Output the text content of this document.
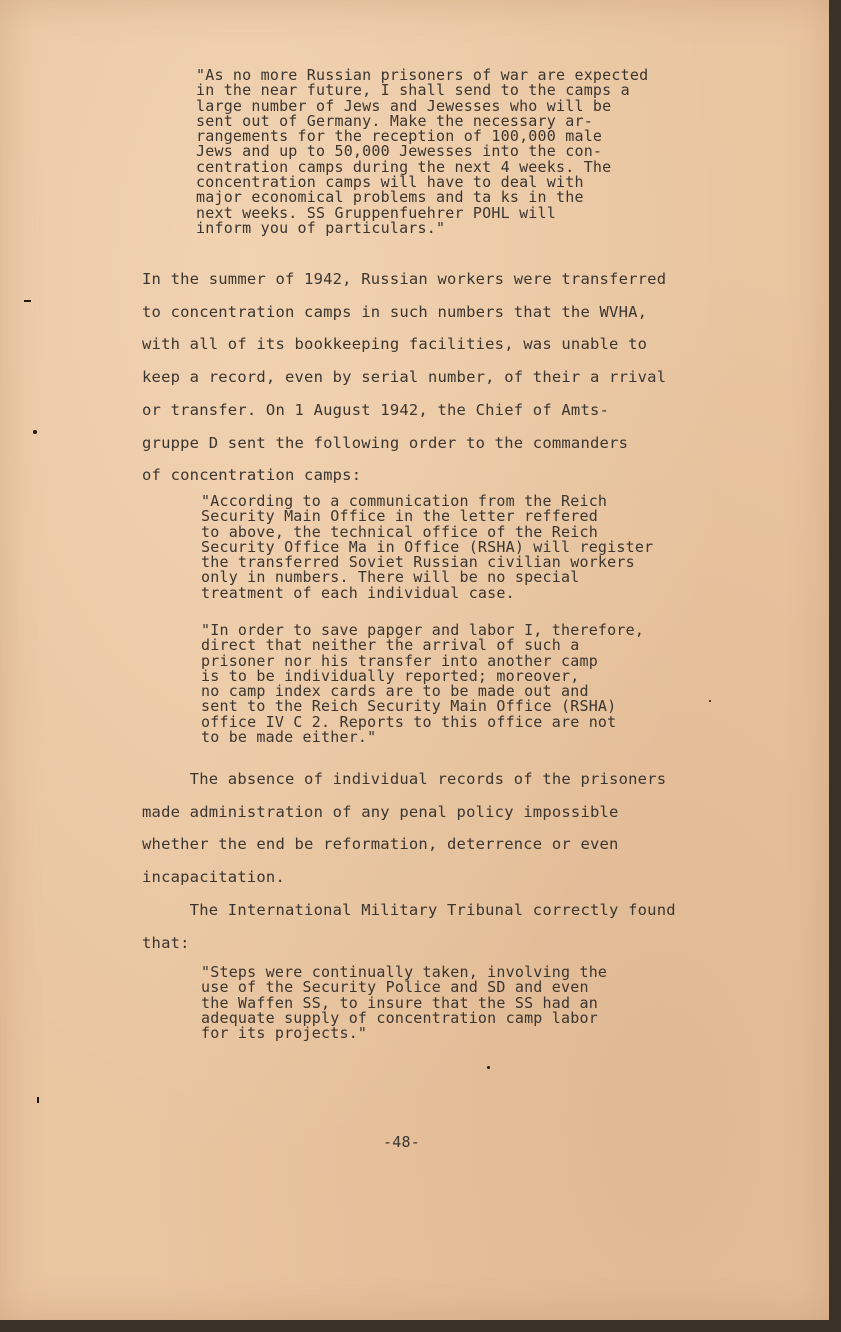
"As no more Russian prisoners of war are expected
in the near future, I shall send to the camps a
large number of Jews and Jewesses who will be
sent out of Germany. Make the necessary ar-
rangements for the reception of 100,000 male
Jews and up to 50,000 Jewesses into the con-
centration camps during the next 4 weeks. The
concentration camps will have to deal with
major economical problems and ta ks in the
next weeks. SS Gruppenfuehrer POHL will
inform you of particulars."
In the summer of 1942, Russian workers were transferred
to concentration camps in such numbers that the WVHA,
with all of its bookkeeping facilities, was unable to
keep a record, even by serial number, of their a rrival
or transfer. On 1 August 1942, the Chief of Amts-
gruppe D sent the following order to the commanders
of concentration camps:
"According to a communication from the Reich
Security Main Office in the letter reffered
to above, the technical office of the Reich
Security Office Ma in Office (RSHA) will register
the transferred Soviet Russian civilian workers
only in numbers. There will be no special
treatment of each individual case.
"In order to save papger and labor I, therefore,
direct that neither the arrival of such a
prisoner nor his transfer into another camp
is to be individually reported; moreover,
no camp index cards are to be made out and
sent to the Reich Security Main Office (RSHA)
office IV C 2. Reports to this office are not
to be made either."
The absence of individual records of the prisoners
made administration of any penal policy impossible
whether the end be reformation, deterrence or even
incapacitation.
The International Military Tribunal correctly found
that:
"Steps were continually taken, involving the
use of the Security Police and SD and even
the Waffen SS, to insure that the SS had an
adequate supply of concentration camp labor
for its projects."
-48-
